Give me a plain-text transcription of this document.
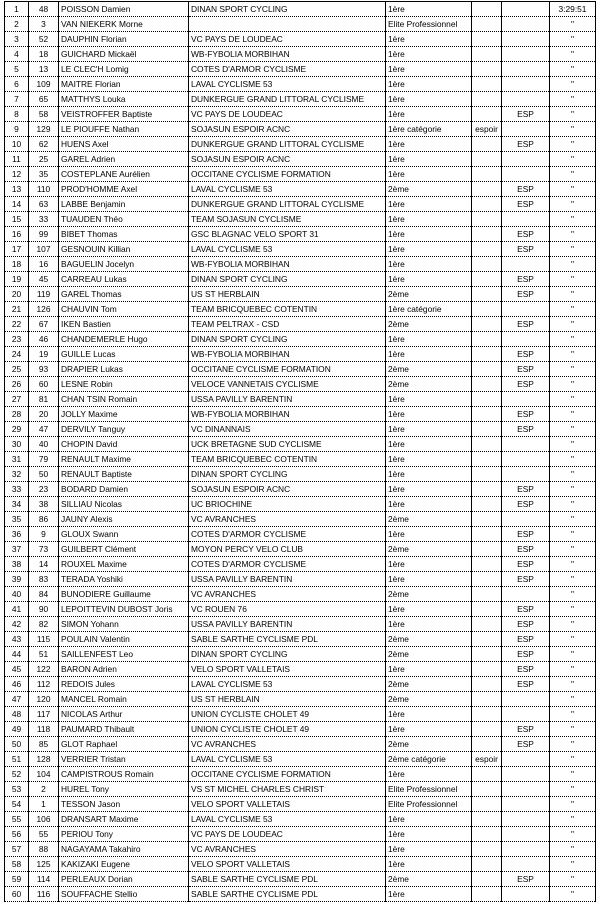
1	48	POISSON Damien	DINAN SPORT CYCLING	1ère			3:29:51
2	3	VAN NIEKERK Morne		Elite Professionnel			"
3	52	DAUPHIN Florian	VC PAYS DE LOUDEAC	1ère			"
4	18	GUICHARD Mickaël	WB-FYBOLIA MORBIHAN	1ère			"
5	13	LE CLEC'H Lomig	COTES D'ARMOR CYCLISME	1ère			"
6	109	MAITRE Florian	LAVAL CYCLISME 53	1ère			"
7	65	MATTHYS Louka	DUNKERGUE GRAND LITTORAL CYCLISME	1ère			"
8	58	VEISTROFFER Baptiste	VC PAYS DE LOUDEAC	1ère		ESP	"
9	129	LE PIOUFFE Nathan	SOJASUN ESPOIR ACNC	1ère catégorie	espoir		"
10	62	HUENS Axel	DUNKERGUE GRAND LITTORAL CYCLISME	1ère		ESP	"
11	25	GAREL Adrien	SOJASUN ESPOIR ACNC	1ère			"
12	35	COSTEPLANE Aurélien	OCCITANE CYCLISME FORMATION	1ère			"
13	110	PROD'HOMME Axel	LAVAL CYCLISME 53	2ème		ESP	"
14	63	LABBE Benjamin	DUNKERGUE GRAND LITTORAL CYCLISME	1ère		ESP	"
15	33	TUAUDEN Théo	TEAM SOJASUN CYCLISME	1ère			"
16	99	BIBET Thomas	GSC BLAGNAC VELO SPORT 31	1ère		ESP	"
17	107	GESNOUIN Killian	LAVAL CYCLISME 53	1ère		ESP	"
18	16	BAGUELIN Jocelyn	WB-FYBOLIA MORBIHAN	1ère			"
19	45	CARREAU Lukas	DINAN SPORT CYCLING	1ère		ESP	"
20	119	GAREL Thomas	US ST HERBLAIN	2ème		ESP	"
21	126	CHAUVIN Tom	TEAM BRICQUEBEC COTENTIN	1ère catégorie			"
22	67	IKEN Bastien	TEAM PELTRAX - CSD	2ème		ESP	"
23	46	CHANDEMERLE Hugo	DINAN SPORT CYCLING	1ère			"
24	19	GUILLE Lucas	WB-FYBOLIA MORBIHAN	1ère		ESP	"
25	93	DRAPIER Lukas	OCCITANE CYCLISME FORMATION	2ème		ESP	"
26	60	LESNE Robin	VELOCE VANNETAIS CYCLISME	2ème		ESP	"
27	81	CHAN TSIN Romain	USSA PAVILLY BARENTIN	1ère			"
28	20	JOLLY Maxime	WB-FYBOLIA MORBIHAN	1ère		ESP	"
29	47	DERVILY Tanguy	VC DINANNAIS	1ère		ESP	"
30	40	CHOPIN David	UCK BRETAGNE SUD CYCLISME	1ère			"
31	79	RENAULT Maxime	TEAM BRICQUEBEC COTENTIN	1ère			"
32	50	RENAULT Baptiste	DINAN SPORT CYCLING	1ère			"
33	23	BODARD Damien	SOJASUN ESPOIR ACNC	1ère		ESP	"
34	38	SILLIAU Nicolas	UC BRIOCHINE	1ère		ESP	"
35	86	JAUNY Alexis	VC AVRANCHES	2ème			"
36	9	GLOUX Swann	COTES D'ARMOR CYCLISME	1ère		ESP	"
37	73	GUILBERT Clément	MOYON PERCY VELO CLUB	2ème		ESP	"
38	14	ROUXEL Maxime	COTES D'ARMOR CYCLISME	1ère		ESP	"
39	83	TERADA Yoshiki	USSA PAVILLY BARENTIN	1ère		ESP	"
40	84	BUNODIERE Guillaume	VC AVRANCHES	2ème			"
41	90	LEPOITTEVIN DUBOST Joris	VC ROUEN 76	1ère		ESP	"
42	82	SIMON Yohann	USSA PAVILLY BARENTIN	1ère		ESP	"
43	115	POULAIN Valentin	SABLE SARTHE CYCLISME PDL	2ème		ESP	"
44	51	SAILLENFEST Leo	DINAN SPORT CYCLING	2ème		ESP	"
45	122	BARON Adrien	VELO SPORT VALLETAIS	1ère		ESP	"
46	112	REDOIS Jules	LAVAL CYCLISME 53	2ème		ESP	"
47	120	MANCEL Romain	US ST HERBLAIN	2ème			"
48	117	NICOLAS Arthur	UNION CYCLISTE CHOLET 49	1ère			"
49	118	PAUMARD Thibault	UNION CYCLISTE CHOLET 49	1ère		ESP	"
50	85	GLOT Raphael	VC AVRANCHES	2ème		ESP	"
51	128	VERRIER Tristan	LAVAL CYCLISME 53	2ème catégorie	espoir		"
52	104	CAMPISTROUS Romain	OCCITANE CYCLISME FORMATION	1ère			"
53	2	HUREL Tony	VS ST MICHEL CHARLES CHRIST	Elite Professionnel			"
54	1	TESSON Jason	VELO SPORT VALLETAIS	Elite Professionnel			"
55	106	DRANSART Maxime	LAVAL CYCLISME 53	1ère			"
56	55	PERIOU Tony	VC PAYS DE LOUDEAC	1ère			"
57	88	NAGAYAMA Takahiro	VC AVRANCHES	1ère			"
58	125	KAKIZAKI Eugene	VELO SPORT VALLETAIS	1ère			"
59	114	PERLEAUX Dorian	SABLE SARTHE CYCLISME PDL	2ème		ESP	"
60	116	SOUFFACHE Stellio	SABLE SARTHE CYCLISME PDL	1ère			"
